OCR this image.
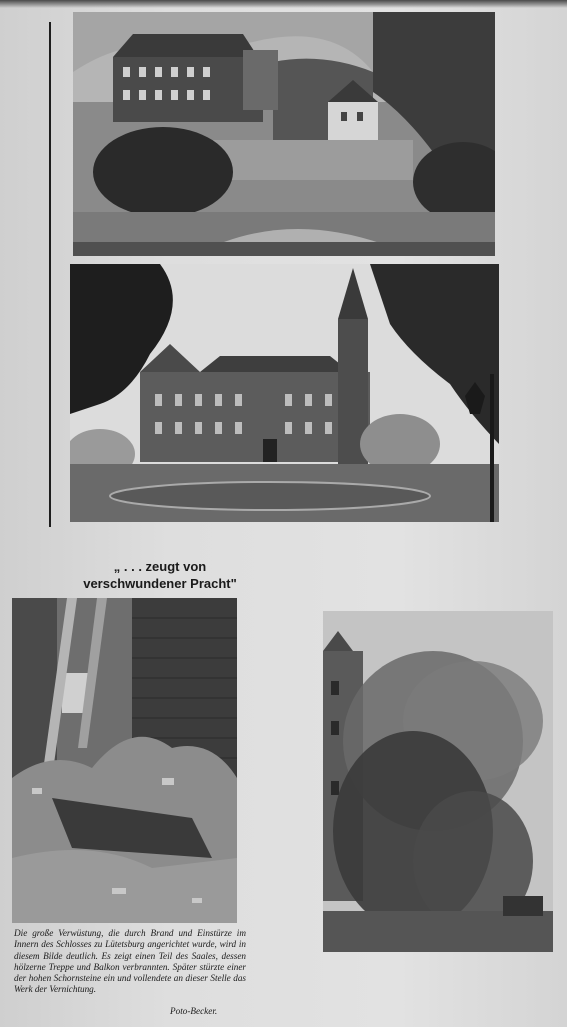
„ . . . zeugt von
verschwundener Pracht"
Die große Verwüstung, die durch Brand und Einstürze im Innern des Schlosses zu Lütetsburg angerichtet wurde, wird in diesem Bilde deutlich. Es zeigt einen Teil des Saales, dessen hölzerne Treppe und Balkon verbrannten. Später stürzte einer der hohen Schornsteine ein und vollendete an dieser Stelle das Werk der Vernichtung.
Poto-Becker.
